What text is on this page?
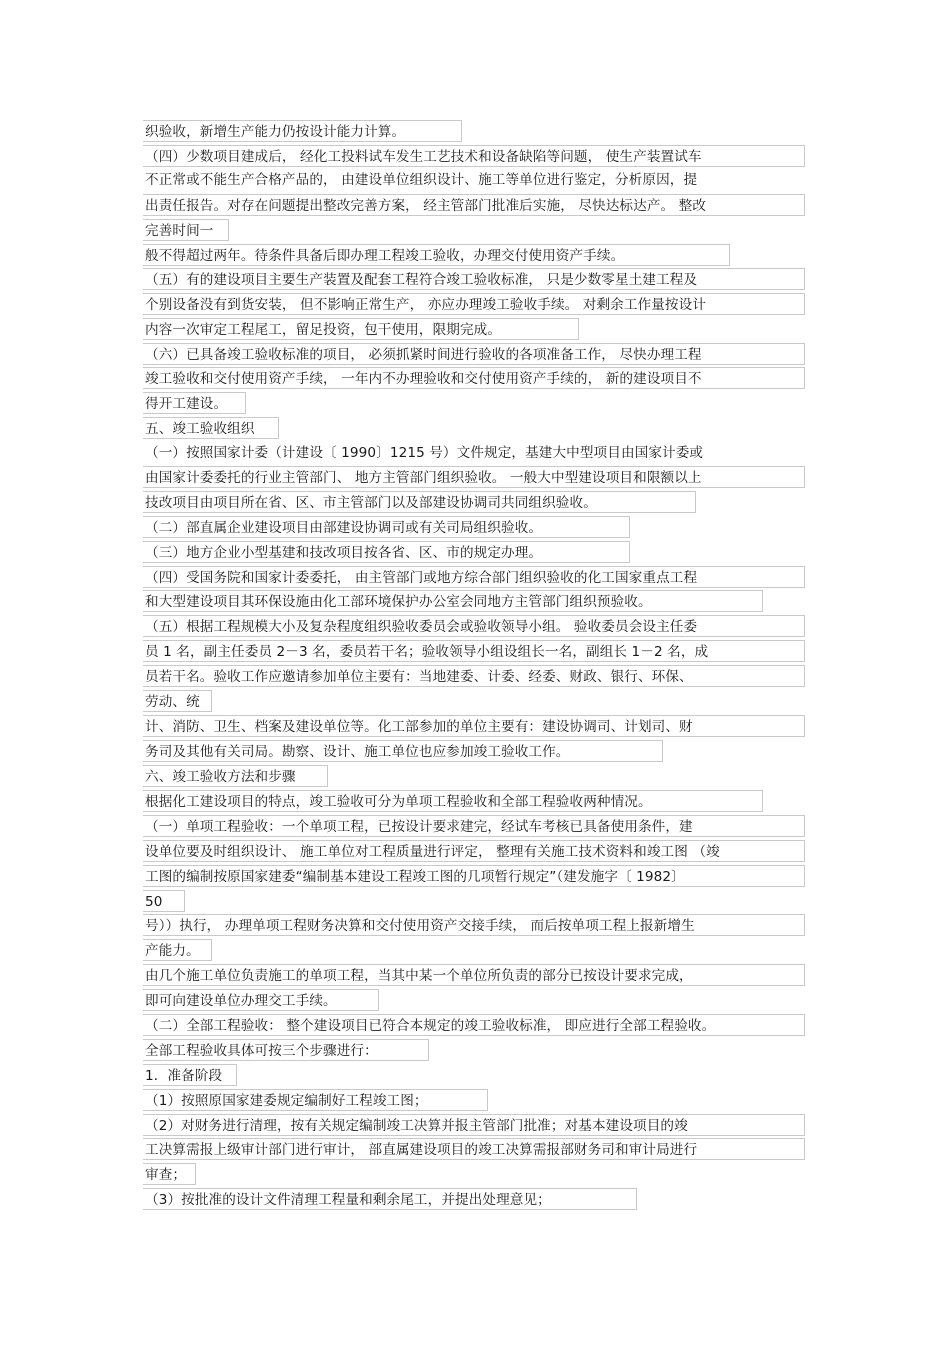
织验收，新增生产能力仍按设计能力计算。
（四）少数项目建成后， 经化工投料试车发生工艺技术和设备缺陷等问题， 使生产装置试车
不正常或不能生产合格产品的， 由建设单位组织设计、施工等单位进行鉴定，分析原因，提
出责任报告。对存在问题提出整改完善方案， 经主管部门批准后实施， 尽快达标达产。 整改
完善时间一
般不得超过两年。待条件具备后即办理工程竣工验收，办理交付使用资产手续。
（五）有的建设项目主要生产装置及配套工程符合竣工验收标准， 只是少数零星土建工程及
个别设备没有到货安装， 但不影响正常生产， 亦应办理竣工验收手续。 对剩余工作量按设计
内容一次审定工程尾工，留足投资，包干使用，限期完成。
（六）已具备竣工验收标准的项目， 必须抓紧时间进行验收的各项准备工作， 尽快办理工程
竣工验收和交付使用资产手续， 一年内不办理验收和交付使用资产手续的， 新的建设项目不
得开工建设。
五、竣工验收组织
（一）按照国家计委（计建设〔 1990〕1215 号）文件规定，基建大中型项目由国家计委或
由国家计委委托的行业主管部门、 地方主管部门组织验收。 一般大中型建设项目和限额以上
技改项目由项目所在省、区、市主管部门以及部建设协调司共同组织验收。
（二）部直属企业建设项目由部建设协调司或有关司局组织验收。
（三）地方企业小型基建和技改项目按各省、区、市的规定办理。
（四）受国务院和国家计委委托， 由主管部门或地方综合部门组织验收的化工国家重点工程
和大型建设项目其环保设施由化工部环境保护办公室会同地方主管部门组织预验收。
（五）根据工程规模大小及复杂程度组织验收委员会或验收领导小组。 验收委员会设主任委
员 1 名，副主任委员 2－3 名，委员若干名；验收领导小组设组长一名，副组长 1－2 名，成
员若干名。验收工作应邀请参加单位主要有：当地建委、计委、经委、财政、银行、环保、
劳动、统
计、消防、卫生、档案及建设单位等。化工部参加的单位主要有：建设协调司、计划司、财
务司及其他有关司局。勘察、设计、施工单位也应参加竣工验收工作。
六、竣工验收方法和步骤
根据化工建设项目的特点，竣工验收可分为单项工程验收和全部工程验收两种情况。
（一）单项工程验收：一个单项工程，已按设计要求建完，经试车考核已具备使用条件，建
设单位要及时组织设计、 施工单位对工程质量进行评定， 整理有关施工技术资料和竣工图 （竣
工图的编制按原国家建委“编制基本建设工程竣工图的几项暂行规定”（建发施字〔 1982〕
50
号））执行， 办理单项工程财务决算和交付使用资产交接手续， 而后按单项工程上报新增生
产能力。
由几个施工单位负责施工的单项工程，当其中某一个单位所负责的部分已按设计要求完成，
即可向建设单位办理交工手续。
（二）全部工程验收： 整个建设项目已符合本规定的竣工验收标准， 即应进行全部工程验收。
全部工程验收具体可按三个步骤进行：
1．准备阶段
（1）按照原国家建委规定编制好工程竣工图；
（2）对财务进行清理，按有关规定编制竣工决算并报主管部门批准；对基本建设项目的竣
工决算需报上级审计部门进行审计， 部直属建设项目的竣工决算需报部财务司和审计局进行
审查；
（3）按批准的设计文件清理工程量和剩余尾工，并提出处理意见；
